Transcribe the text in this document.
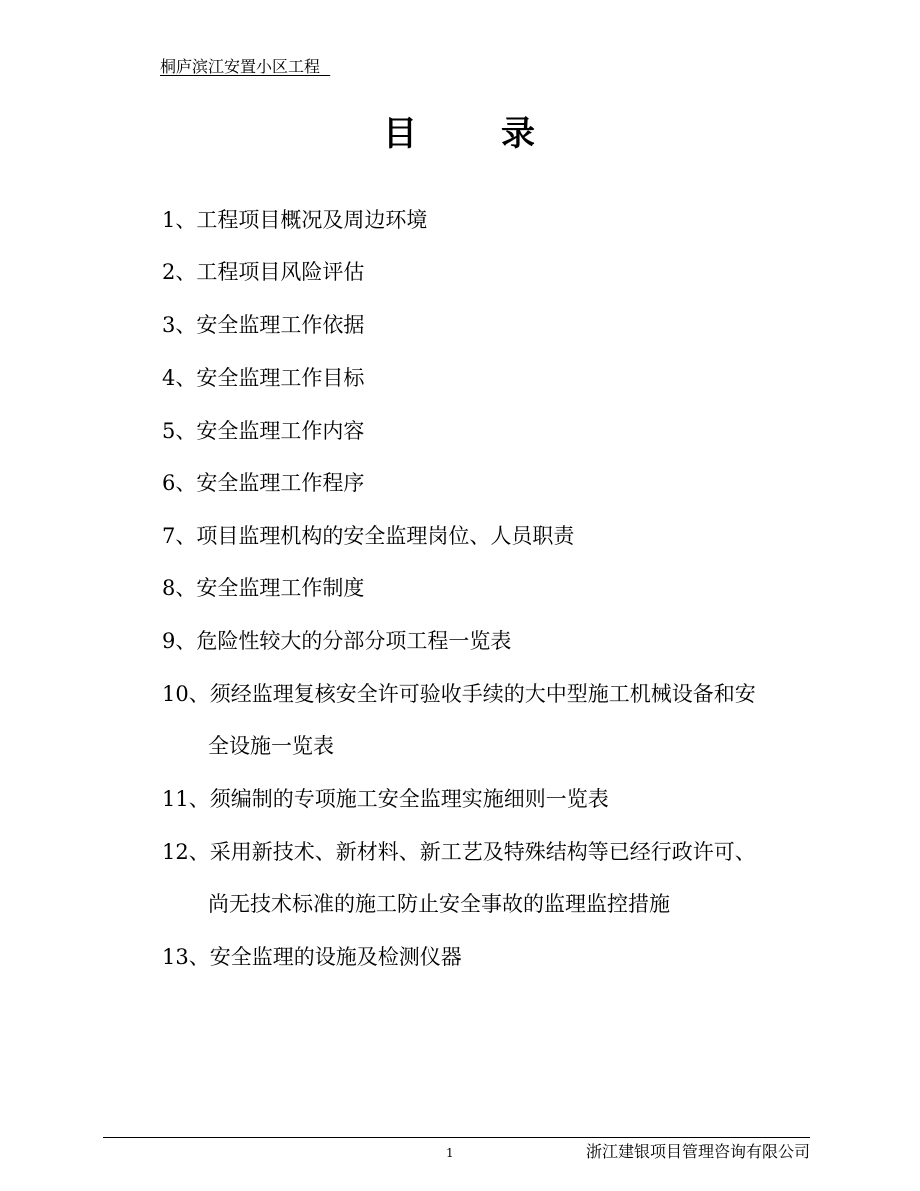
桐庐滨江安置小区工程
目 录
1、工程项目概况及周边环境
2、工程项目风险评估
3、安全监理工作依据
4、安全监理工作目标
5、安全监理工作内容
6、安全监理工作程序
7、项目监理机构的安全监理岗位、人员职责
8、安全监理工作制度
9、危险性较大的分部分项工程一览表
10、须经监理复核安全许可验收手续的大中型施工机械设备和安
全设施一览表
11、须编制的专项施工安全监理实施细则一览表
12、采用新技术、新材料、新工艺及特殊结构等已经行政许可、
尚无技术标准的施工防止安全事故的监理监控措施
13、安全监理的设施及检测仪器
1	浙江建银项目管理咨询有限公司
